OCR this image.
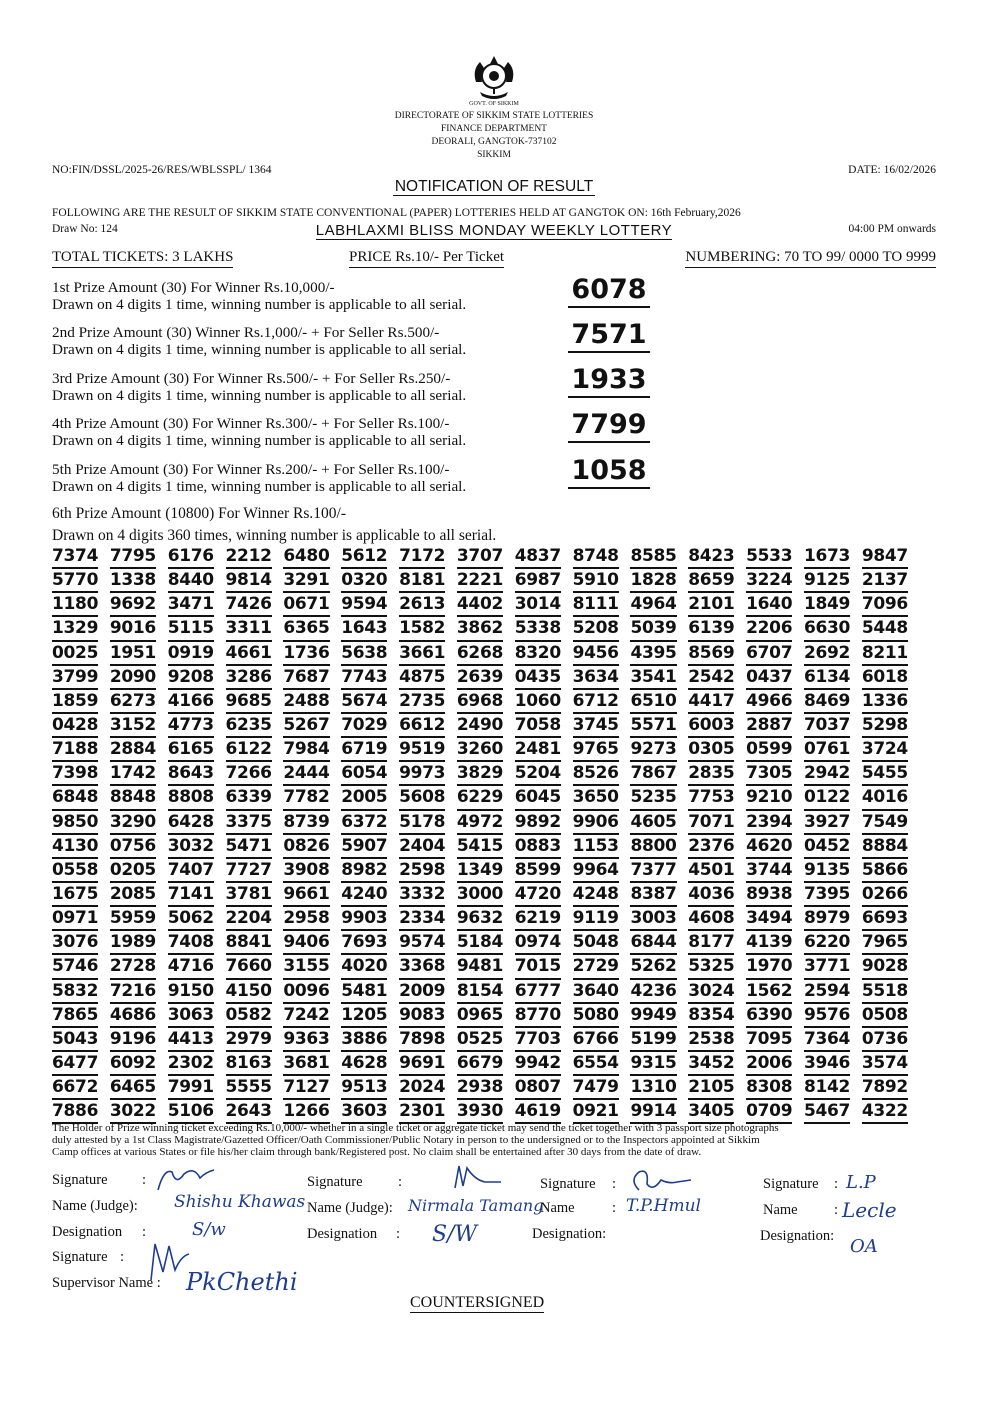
GOVT. OF SIKKIM
DIRECTORATE OF SIKKIM STATE LOTTERIES
FINANCE DEPARTMENT
DEORALI, GANGTOK-737102
SIKKIM
NO:FIN/DSSL/2025-26/RES/WBLSSPL/ 1364	DATE: 16/02/2026
NOTIFICATION OF RESULT
FOLLOWING ARE THE RESULT OF SIKKIM STATE CONVENTIONAL (PAPER) LOTTERIES HELD AT GANGTOK ON: 16th February,2026
Draw No: 124	LABHLAXMI BLISS MONDAY WEEKLY LOTTERY	04:00 PM onwards
TOTAL TICKETS: 3 LAKHS	PRICE Rs.10/- Per Ticket	NUMBERING: 70 TO 99/ 0000 TO 9999
1st Prize Amount (30) For Winner Rs.10,000/-
Drawn on 4 digits 1 time, winning number is applicable to all serial.	6078
2nd Prize Amount (30) Winner Rs.1,000/- + For Seller Rs.500/-
Drawn on 4 digits 1 time, winning number is applicable to all serial.	7571
3rd Prize Amount (30) For Winner Rs.500/- + For Seller Rs.250/-
Drawn on 4 digits 1 time, winning number is applicable to all serial.
1933
4th Prize Amount (30) For Winner Rs.300/- + For Seller Rs.100/-
Drawn on 4 digits 1 time, winning number is applicable to all serial.
7799
5th Prize Amount (30) For Winner Rs.200/- + For Seller Rs.100/-
Drawn on 4 digits 1 time, winning number is applicable to all serial.
1058
6th Prize Amount (10800) For Winner Rs.100/-
Drawn on 4 digits 360 times, winning number is applicable to all serial.
7374 7795 6176 2212 6480 5612 7172 3707 4837 8748 8585 8423 5533 1673 9847
5770 1338 8440 9814 3291 0320 8181 2221 6987 5910 1828 8659 3224 9125 2137
1180 9692 3471 7426 0671 9594 2613 4402 3014 8111 4964 2101 1640 1849 7096
1329 9016 5115 3311 6365 1643 1582 3862 5338 5208 5039 6139 2206 6630 5448
0025 1951 0919 4661 1736 5638 3661 6268 8320 9456 4395 8569 6707 2692 8211
3799 2090 9208 3286 7687 7743 4875 2639 0435 3634 3541 2542 0437 6134 6018
1859 6273 4166 9685 2488 5674 2735 6968 1060 6712 6510 4417 4966 8469 1336
0428 3152 4773 6235 5267 7029 6612 2490 7058 3745 5571 6003 2887 7037 5298
7188 2884 6165 6122 7984 6719 9519 3260 2481 9765 9273 0305 0599 0761 3724
7398 1742 8643 7266 2444 6054 9973 3829 5204 8526 7867 2835 7305 2942 5455
6848 8848 8808 6339 7782 2005 5608 6229 6045 3650 5235 7753 9210 0122 4016
9850 3290 6428 3375 8739 6372 5178 4972 9892 9906 4605 7071 2394 3927 7549
4130 0756 3032 5471 0826 5907 2404 5415 0883 1153 8800 2376 4620 0452 8884
0558 0205 7407 7727 3908 8982 2598 1349 8599 9964 7377 4501 3744 9135 5866
1675 2085 7141 3781 9661 4240 3332 3000 4720 4248 8387 4036 8938 7395 0266
0971 5959 5062 2204 2958 9903 2334 9632 6219 9119 3003 4608 3494 8979 6693
3076 1989 7408 8841 9406 7693 9574 5184 0974 5048 6844 8177 4139 6220 7965
5746 2728 4716 7660 3155 4020 3368 9481 7015 2729 5262 5325 1970 3771 9028
5832 7216 9150 4150 0096 5481 2009 8154 6777 3640 4236 3024 1562 2594 5518
7865 4686 3063 0582 7242 1205 9083 0965 8770 5080 9949 8354 6390 9576 0508
5043 9196 4413 2979 9363 3886 7898 0525 7703 6766 5199 2538 7095 7364 0736
6477 6092 2302 8163 3681 4628 9691 6679 9942 6554 9315 3452 2006 3946 3574
6672 6465 7991 5555 7127 9513 2024 2938 0807 7479 1310 2105 8308 8142 7892
7886 3022 5106 2643 1266 3603 2301 3930 4619 0921 9914 3405 0709 5467 4322
The Holder of Prize winning ticket exceeding Rs.10,000/- whether in a single ticket or aggregate ticket may send the ticket together with 3 passport size photographs
duly attested by a 1st Class Magistrate/Gazetted Officer/Oath Commissioner/Public Notary in person to the undersigned or to the Inspectors appointed at Sikkim
Camp offices at various States or file his/her claim through bank/Registered post. No claim shall be entertained after 30 days from the date of draw.
Signature :
Name (Judge): Shishu Khawas
Designation :	S/w
Signature :
Supervisor Name : PkChethi
Signature :
Name (Judge): Nirmala Tamang
Designation : S/W
Signature :
Name	: T.P.Hmul
Designation:
Signature : L.P
Name	: Lecle
Designation: OA
COUNTERSIGNED
